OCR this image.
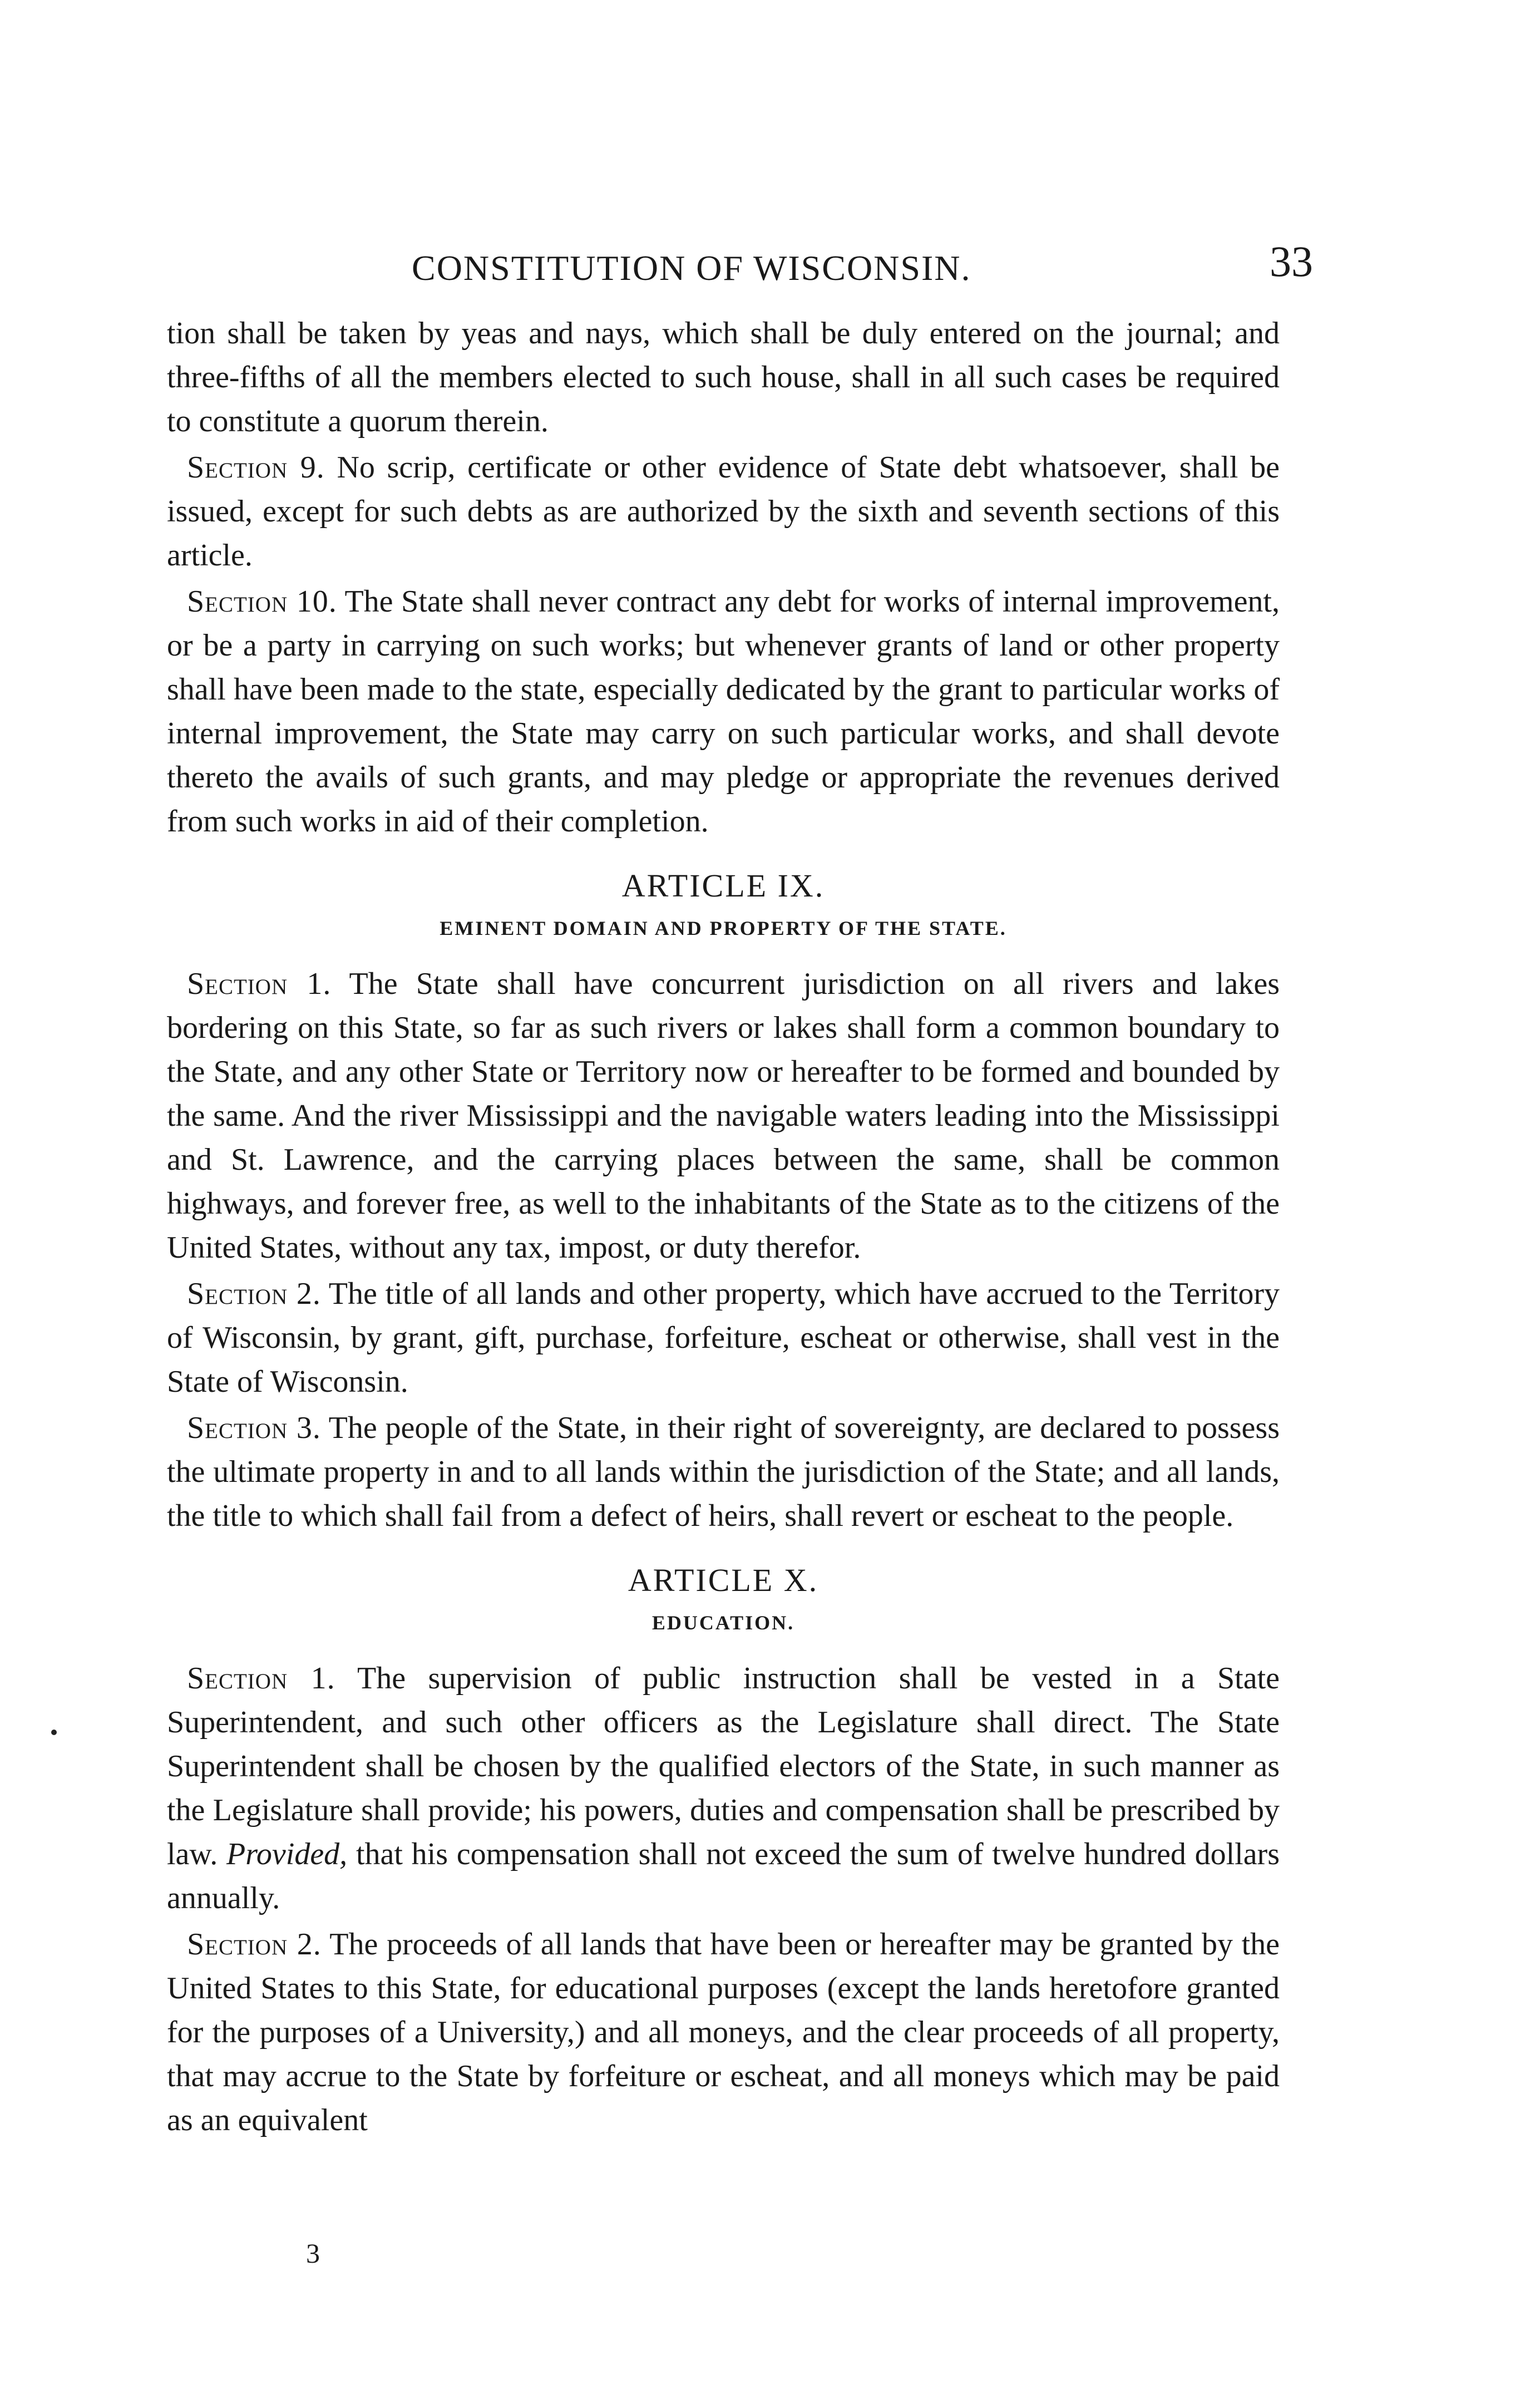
CONSTITUTION OF WISCONSIN.	33

tion shall be taken by yeas and nays, which shall be duly entered on the journal; and three-fifths of all the members elected to such house, shall in all such cases be required to constitute a quorum therein.

Section 9. No scrip, certificate or other evidence of State debt whatsoever, shall be issued, except for such debts as are authorized by the sixth and seventh sections of this article.

Section 10. The State shall never contract any debt for works of internal improvement, or be a party in carrying on such works; but whenever grants of land or other property shall have been made to the state, especially dedicated by the grant to particular works of internal improvement, the State may carry on such particular works, and shall devote thereto the avails of such grants, and may pledge or appropriate the revenues derived from such works in aid of their completion.

ARTICLE IX.
EMINENT DOMAIN AND PROPERTY OF THE STATE.

Section 1. The State shall have concurrent jurisdiction on all rivers and lakes bordering on this State, so far as such rivers or lakes shall form a common boundary to the State, and any other State or Territory now or hereafter to be formed and bounded by the same. And the river Mississippi and the navigable waters leading into the Mississippi and St. Lawrence, and the carrying places between the same, shall be common highways, and forever free, as well to the inhabitants of the State as to the citizens of the United States, without any tax, impost, or duty therefor.

Section 2. The title of all lands and other property, which have accrued to the Territory of Wisconsin, by grant, gift, purchase, forfeiture, escheat or otherwise, shall vest in the State of Wisconsin.

Section 3. The people of the State, in their right of sovereignty, are declared to possess the ultimate property in and to all lands within the jurisdiction of the State; and all lands, the title to which shall fail from a defect of heirs, shall revert or escheat to the people.

ARTICLE X.
EDUCATION.

Section 1. The supervision of public instruction shall be vested in a State Superintendent, and such other officers as the Legislature shall direct. The State Superintendent shall be chosen by the qualified electors of the State, in such manner as the Legislature shall provide; his powers, duties and compensation shall be prescribed by law. Provided, that his compensation shall not exceed the sum of twelve hundred dollars annually.

Section 2. The proceeds of all lands that have been or hereafter may be granted by the United States to this State, for educational purposes (except the lands heretofore granted for the purposes of a University,) and all moneys, and the clear proceeds of all property, that may accrue to the State by forfeiture or escheat, and all moneys which may be paid as an equivalent

3
